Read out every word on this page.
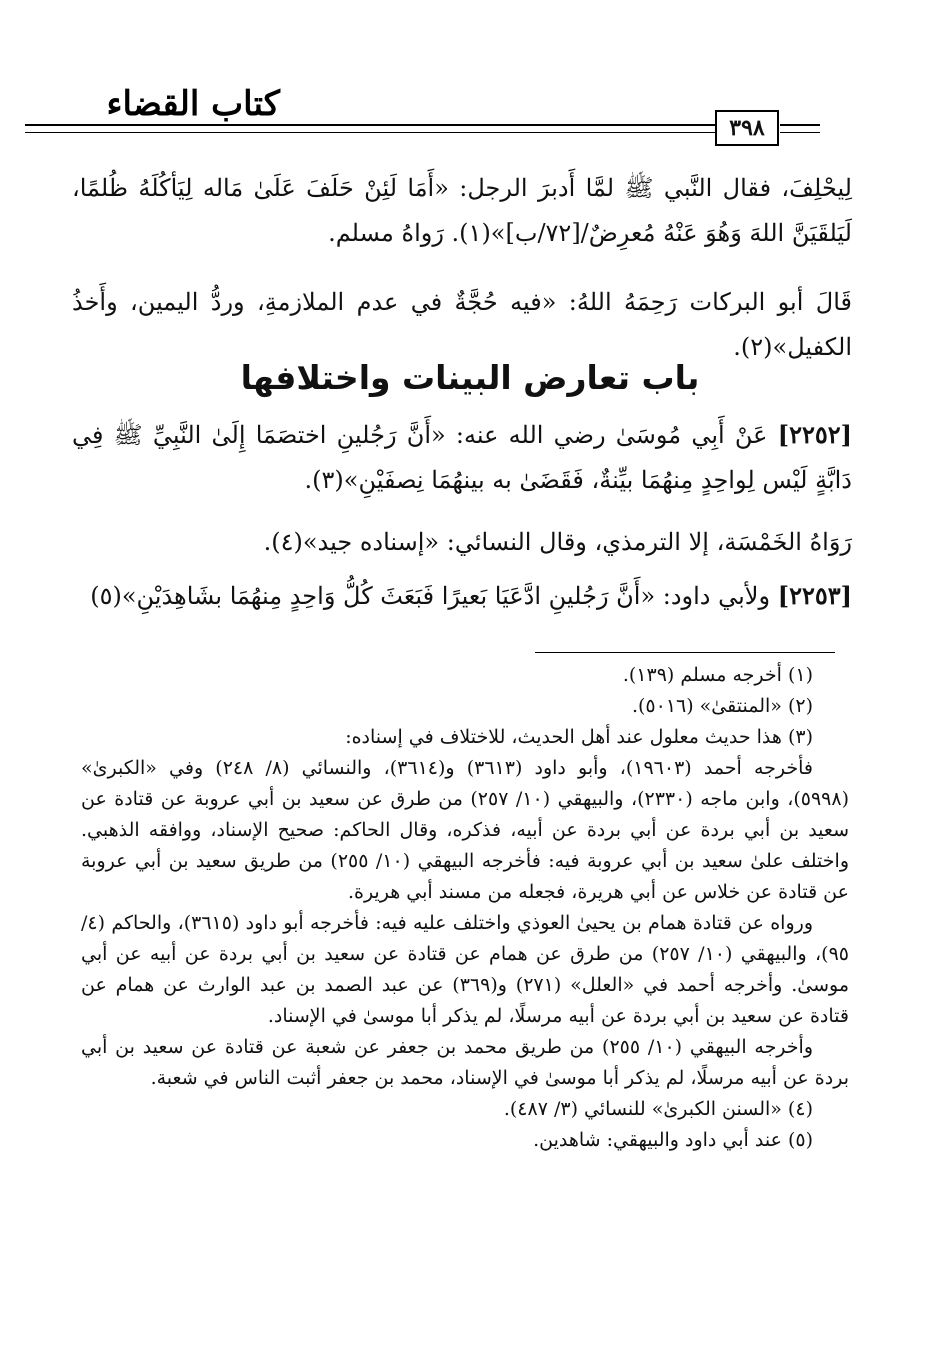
كتاب القضاء
٣٩٨
لِيحْلِفَ، فقال النَّبي ﷺ لمَّا أَدبرَ الرجل: «أَمَا لَئِنْ حَلَفَ عَلَىٰ مَاله لِيَأكُلَهُ ظُلمًا، لَيَلقَيَنَّ اللهَ وَهُوَ عَنْهُ مُعرِضٌ/[٧٢/ب]»(١). رَواهُ مسلم.
قَالَ أبو البركات رَحِمَهُ اللهُ: «فيه حُجَّةٌ في عدم الملازمةِ، وردُّ اليمين، وأَخذُ الكفيل»(٢).
باب تعارض البينات واختلافها
[٢٢٥٢] عَنْ أَبِي مُوسَىٰ رضي الله عنه: «أَنَّ رَجُلينِ اختصَمَا إِلَىٰ النَّبِيِّ ﷺ فِي دَابَّةٍ لَيْس لِواحِدٍ مِنهُمَا بيِّنةٌ، فَقَضَىٰ به بينهُمَا نِصفَيْنِ»(٣).
رَوَاهُ الخَمْسَة، إلا الترمذي، وقال النسائي: «إسناده جيد»(٤).
[٢٢٥٣] ولأبي داود: «أَنَّ رَجُلينِ ادَّعَيَا بَعيرًا فَبَعَثَ كُلُّ وَاحِدٍ مِنهُمَا بشَاهِدَيْنِ»(٥)

(١) أخرجه مسلم (١٣٩).

(٢) «المنتقىٰ» (٥٠١٦).

(٣) هذا حديث معلول عند أهل الحديث، للاختلاف في إسناده:

فأخرجه أحمد (١٩٦٠٣)، وأبو داود (٣٦١٣) و(٣٦١٤)، والنسائي (٨/ ٢٤٨) وفي «الكبرىٰ» (٥٩٩٨)، وابن ماجه (٢٣٣٠)، والبيهقي (١٠/ ٢٥٧) من طرق عن سعيد بن أبي عروبة عن قتادة عن سعيد بن أبي بردة عن أبي بردة عن أبيه، فذكره، وقال الحاكم: صحيح الإسناد، ووافقه الذهبي. واختلف علىٰ سعيد بن أبي عروبة فيه: فأخرجه البيهقي (١٠/ ٢٥٥) من طريق سعيد بن أبي عروبة عن قتادة عن خلاس عن أبي هريرة، فجعله من مسند أبي هريرة.

ورواه عن قتادة همام بن يحيىٰ العوذي واختلف عليه فيه: فأخرجه أبو داود (٣٦١٥)، والحاكم (٤/ ٩٥)، والبيهقي (١٠/ ٢٥٧) من طرق عن همام عن قتادة عن سعيد بن أبي بردة عن أبيه عن أبي موسىٰ. وأخرجه أحمد في «العلل» (٢٧١) و(٣٦٩) عن عبد الصمد بن عبد الوارث عن همام عن قتادة عن سعيد بن أبي بردة عن أبيه مرسلًا، لم يذكر أبا موسىٰ في الإسناد.

وأخرجه البيهقي (١٠/ ٢٥٥) من طريق محمد بن جعفر عن شعبة عن قتادة عن سعيد بن أبي بردة عن أبيه مرسلًا، لم يذكر أبا موسىٰ في الإسناد، محمد بن جعفر أثبت الناس في شعبة.

(٤) «السنن الكبرىٰ» للنسائي (٣/ ٤٨٧).

(٥) عند أبي داود والبيهقي: شاهدين.
